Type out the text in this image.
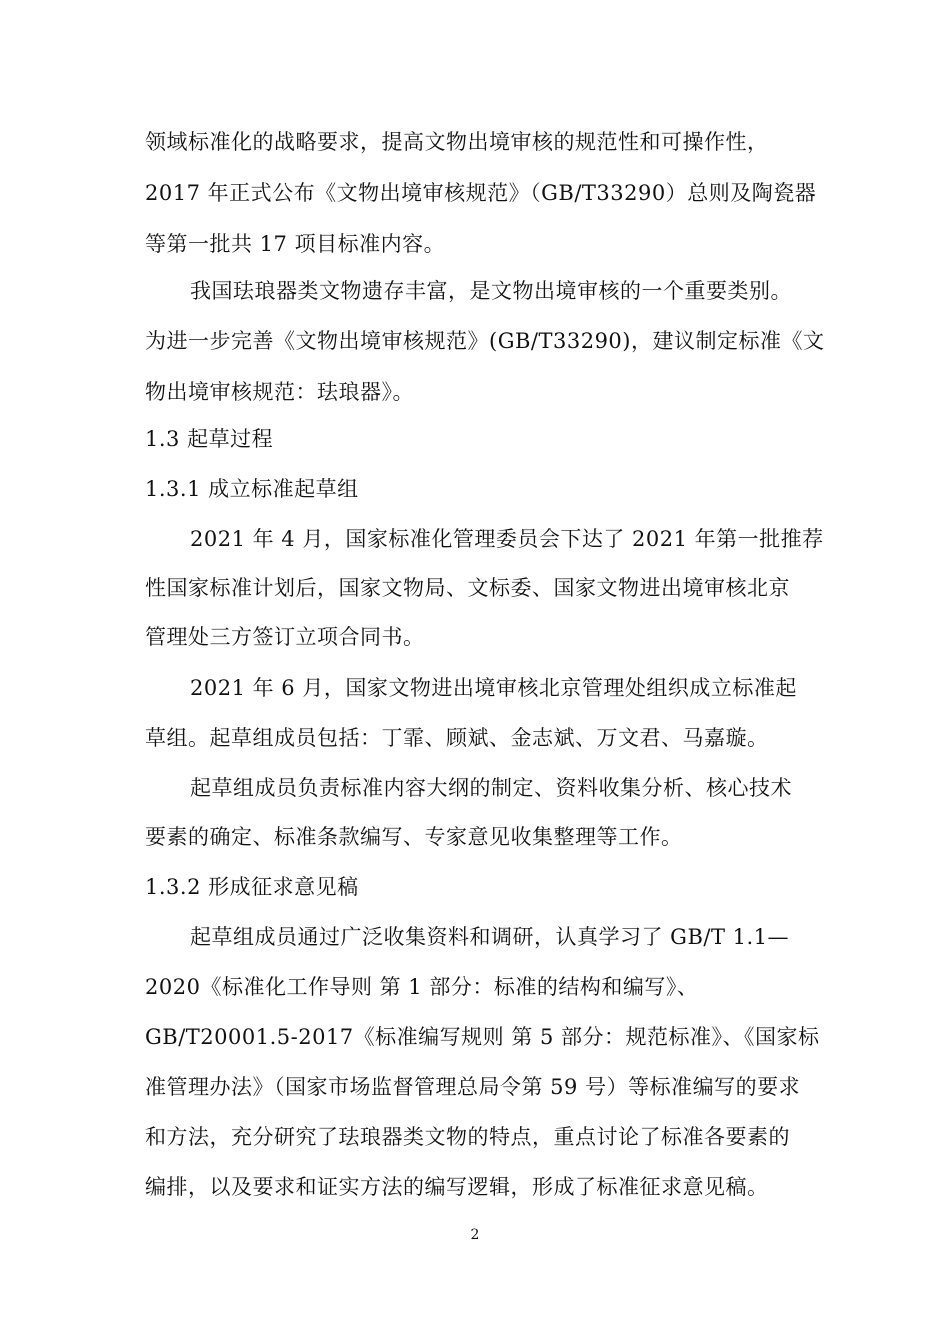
领域标准化的战略要求，提高文物出境审核的规范性和可操作性，
2017 年正式公布《文物出境审核规范》（GB/T33290）总则及陶瓷器
等第一批共 17 项目标准内容。
我国珐琅器类文物遗存丰富，是文物出境审核的一个重要类别。
为进一步完善《文物出境审核规范》(GB/T33290)，建议制定标准《文
物出境审核规范：珐琅器》。
1.3 起草过程
1.3.1 成立标准起草组
2021 年 4 月，国家标准化管理委员会下达了 2021 年第一批推荐
性国家标准计划后，国家文物局、文标委、国家文物进出境审核北京
管理处三方签订立项合同书。
2021 年 6 月，国家文物进出境审核北京管理处组织成立标准起
草组。起草组成员包括：丁霏、顾斌、金志斌、万文君、马嘉璇。
起草组成员负责标准内容大纲的制定、资料收集分析、核心技术
要素的确定、标准条款编写、专家意见收集整理等工作。
1.3.2 形成征求意见稿
起草组成员通过广泛收集资料和调研，认真学习了 GB/T 1.1—
2020《标准化工作导则 第 1 部分：标准的结构和编写》、
GB/T20001.5-2017《标准编写规则 第 5 部分：规范标准》、《国家标
准管理办法》（国家市场监督管理总局令第 59 号）等标准编写的要求
和方法，充分研究了珐琅器类文物的特点，重点讨论了标准各要素的
编排，以及要求和证实方法的编写逻辑，形成了标准征求意见稿。
2
